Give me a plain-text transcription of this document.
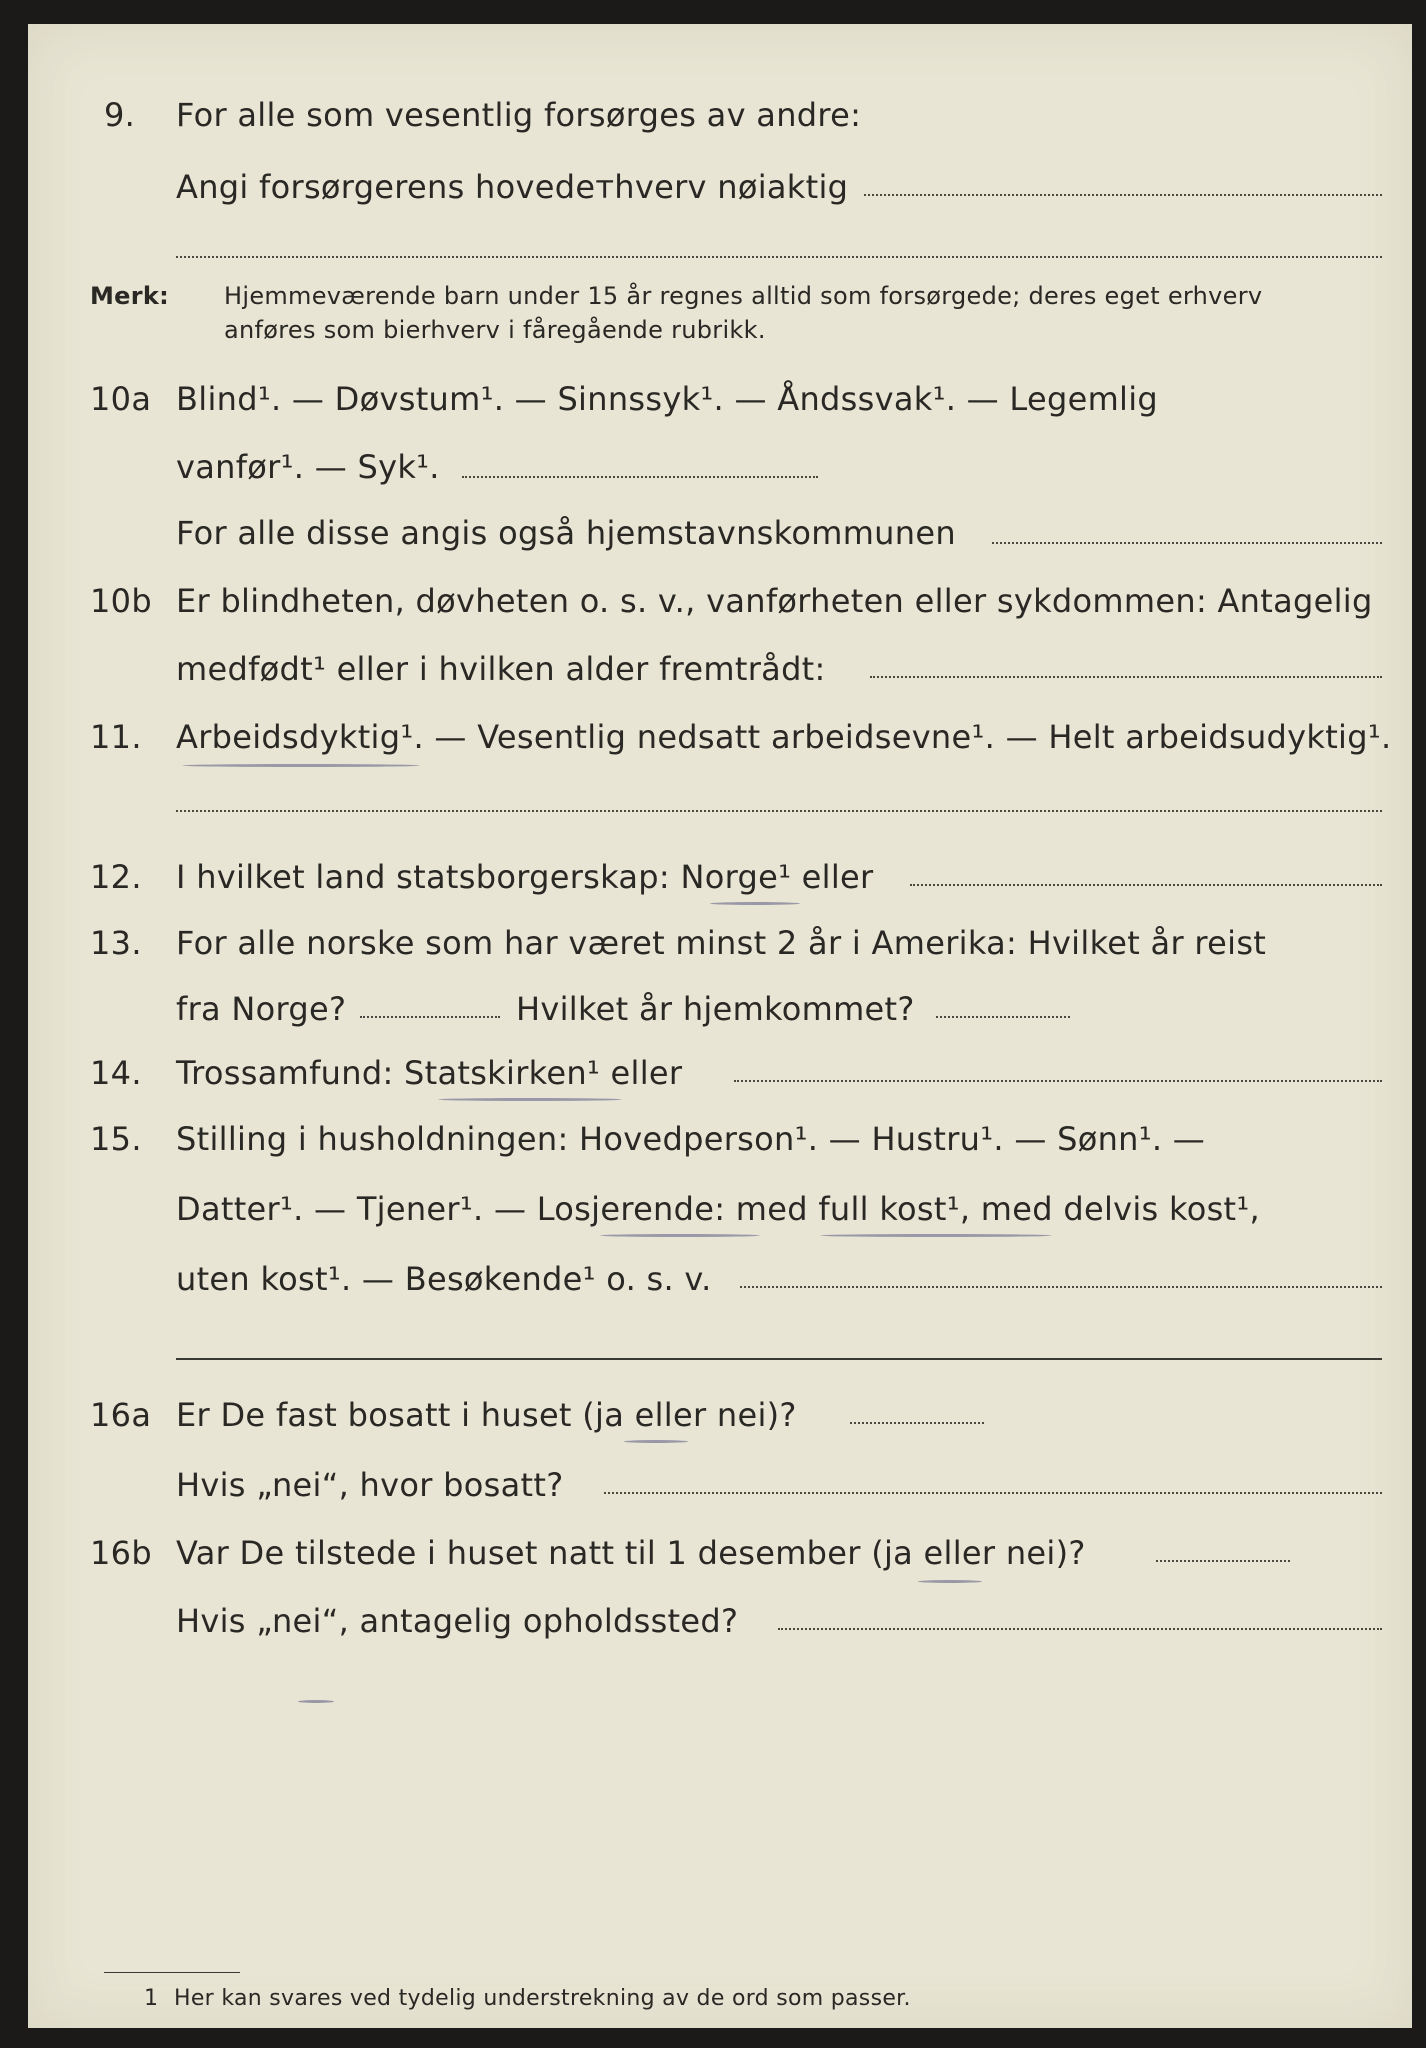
9. For alle som vesentlig forsørges av andre:
Angi forsørgerens hovedeтhverv nøiaktig
Merk: Hjemmeværende barn under 15 år regnes alltid som forsørgede; deres eget erhverv
anføres som bierhverv i fåregående rubrikk.
10a Blind¹. — Døvstum¹. — Sinnssyk¹. — Åndssvak¹. — Legemlig
vanfør¹. — Syk¹.
For alle disse angis også hjemstavnskommunen
10b Er blindheten, døvheten o. s. v., vanførheten eller sykdommen: Antagelig
medfødt¹ eller i hvilken alder fremtrådt:
11. Arbeidsdyktig¹. — Vesentlig nedsatt arbeidsevne¹. — Helt arbeidsudyktig¹.
12. I hvilket land statsborgerskap: Norge¹ eller
13. For alle norske som har været minst 2 år i Amerika: Hvilket år reist
fra Norge?	Hvilket år hjemkommet?
14. Trossamfund: Statskirken¹ eller
15. Stilling i husholdningen: Hovedperson¹. — Hustru¹. — Sønn¹. —
Datter¹. — Tjener¹. — Losjerende: med full kost¹, med delvis kost¹,
uten kost¹. — Besøkende¹ o. s. v.
16a Er De fast bosatt i huset (ja eller nei)?
Hvis „nei“, hvor bosatt?
16b Var De tilstede i huset natt til 1 desember (ja eller nei)?
Hvis „nei“, antagelig opholdssted?
1 Her kan svares ved tydelig understrekning av de ord som passer.
